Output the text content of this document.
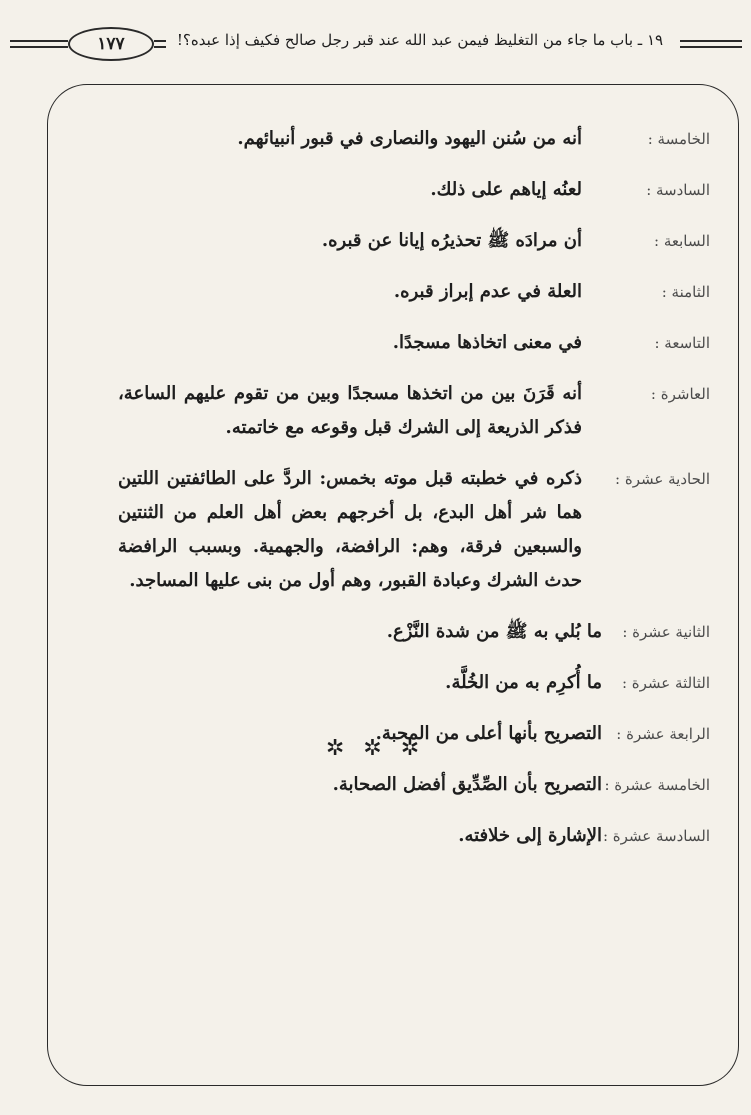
١٧٧	١٩ ـ باب ما جاء من التغليظ فيمن عبد الله عند قبر رجل صالح فكيف إذا عبده؟!
الخامسة :
أنه من سُنن اليهود والنصارى في قبور أنبيائهم.
السادسة :
لعنُه إياهم على ذلك.
السابعة :
أن مرادَه ﷺ تحذيرُه إيانا عن قبره.
الثامنة :
العلة في عدم إبراز قبره.
التاسعة :
في معنى اتخاذها مسجدًا.
العاشرة :
أنه قَرَنَ بين من اتخذها مسجدًا وبين من تقوم عليهم الساعة، فذكر الذريعة إلى الشرك قبل وقوعه مع خاتمته.
الحادية عشرة :
ذكره في خطبته قبل موته بخمس: الردَّ على الطائفتين اللتين هما شر أهل البدع، بل أخرجهم بعض أهل العلم من الثنتين والسبعين فرقة، وهم: الرافضة، والجهمية. وبسبب الرافضة حدث الشرك وعبادة القبور، وهم أول من بنى عليها المساجد.
الثانية عشرة :
ما بُلي به ﷺ من شدة النَّزْع.
الثالثة عشرة :
ما أُكرِم به من الخُلَّة.
الرابعة عشرة :
التصريح بأنها أعلى من المحبة.
الخامسة عشرة :
التصريح بأن الصِّدِّيق أفضل الصحابة.
السادسة عشرة :
الإشارة إلى خلافته.
✲ ✲ ✲
